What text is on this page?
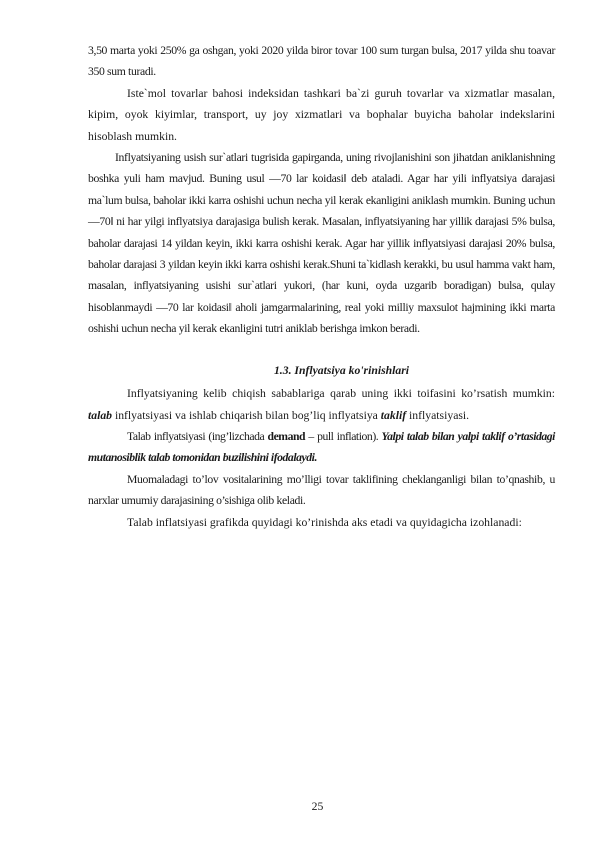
3,50 marta yoki 250% ga oshgan, yoki 2020 yilda biror tovar 100 sum turgan bulsa, 2017 yilda shu toavar 350 sum turadi.

Iste`mol tovarlar bahosi indeksidan tashkari ba`zi guruh tovarlar va xizmatlar masalan, kipim, oyok kiyimlar, transport, uy joy xizmatlari va bophalar buyicha baholar indekslarini hisoblash mumkin.

Inflyatsiyaning usish sur`atlari tugrisida gapirganda, uning rivojlanishini son jihatdan aniklanishning boshka yuli ham mavjud. Buning usul ―70 lar koidasi‖ deb ataladi. Agar har yili inflyatsiya darajasi ma`lum bulsa, baholar ikki karra oshishi uchun necha yil kerak ekanligini aniklash mumkin. Buning uchun ―70‖ ni har yilgi inflyatsiya darajasiga bulish kerak. Masalan, inflyatsiyaning har yillik darajasi 5% bulsa, baholar darajasi 14 yildan keyin, ikki karra oshishi kerak. Agar har yillik inflyatsiyasi darajasi 20% bulsa, baholar darajasi 3 yildan keyin ikki karra oshishi kerak.Shuni ta`kidlash kerakki, bu usul hamma vakt ham, masalan, inflyatsiyaning usishi sur`atlari yukori, (har kuni, oyda uzgarib boradigan) bulsa, qulay hisoblanmaydi ―70 lar koidasi‖ aholi jamgarmalarining, real yoki milliy maxsulot hajmining ikki marta oshishi uchun necha yil kerak ekanligini tutri aniklab berishga imkon beradi.

1.3. Inflyatsiya ko'rinishlari

Inflyatsiyaning kelib chiqish sabablariga qarab uning ikki toifasini ko’rsatish mumkin: talab inflyatsiyasi va ishlab chiqarish bilan bog’liq inflyatsiya taklif inflyatsiyasi.

Talab inflyatsiyasi (ing’lizchada demand – pull inflation). Yalpi talab bilan yalpi taklif o’rtasidagi mutanosiblik talab tomonidan buzilishini ifodalaydi.

Muomaladagi to’lov vositalarining mo’lligi tovar taklifining cheklanganligi bilan to’qnashib, u narxlar umumiy darajasining o’sishiga olib keladi.

Talab inflatsiyasi grafikda quyidagi ko’rinishda aks etadi va quyidagicha izohlanadi:

25
